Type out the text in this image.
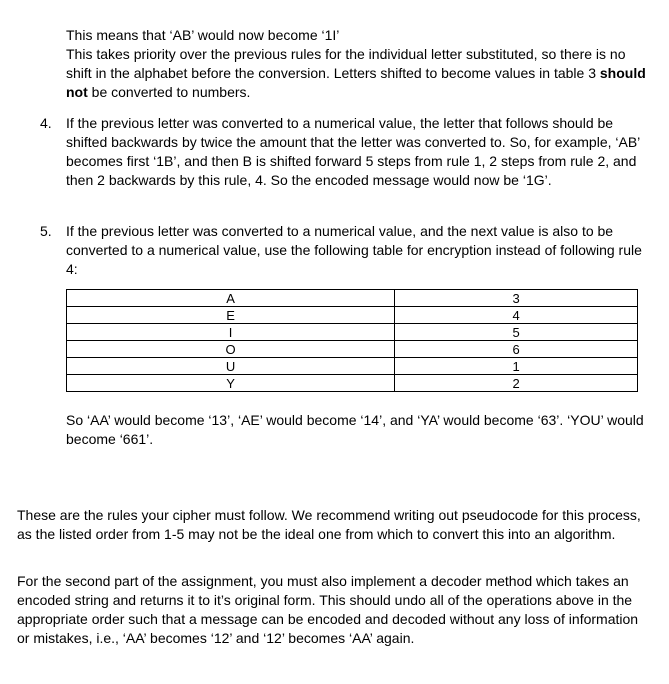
This means that ‘AB’ would now become ‘1I’

This takes priority over the previous rules for the individual letter substituted, so there is no shift in the alphabet before the conversion. Letters shifted to become values in table 3 should not be converted to numbers.

4. If the previous letter was converted to a numerical value, the letter that follows should be shifted backwards by twice the amount that the letter was converted to. So, for example, ‘AB’ becomes first ‘1B’, and then B is shifted forward 5 steps from rule 1, 2 steps from rule 2, and then 2 backwards by this rule, 4. So the encoded message would now be ‘1G’.

5. If the previous letter was converted to a numerical value, and the next value is also to be converted to a numerical value, use the following table for encryption instead of following rule 4:

A	3
E	4
I	5
O	6
U	1
Y	2

So ‘AA’ would become ‘13’, ‘AE’ would become ‘14’, and ‘YA’ would become ‘63’. ‘YOU’ would become ‘661’.

These are the rules your cipher must follow. We recommend writing out pseudocode for this process, as the listed order from 1-5 may not be the ideal one from which to convert this into an algorithm.

For the second part of the assignment, you must also implement a decoder method which takes an encoded string and returns it to it’s original form. This should undo all of the operations above in the appropriate order such that a message can be encoded and decoded without any loss of information or mistakes, i.e., ‘AA’ becomes ‘12’ and ‘12’ becomes ‘AA’ again.
